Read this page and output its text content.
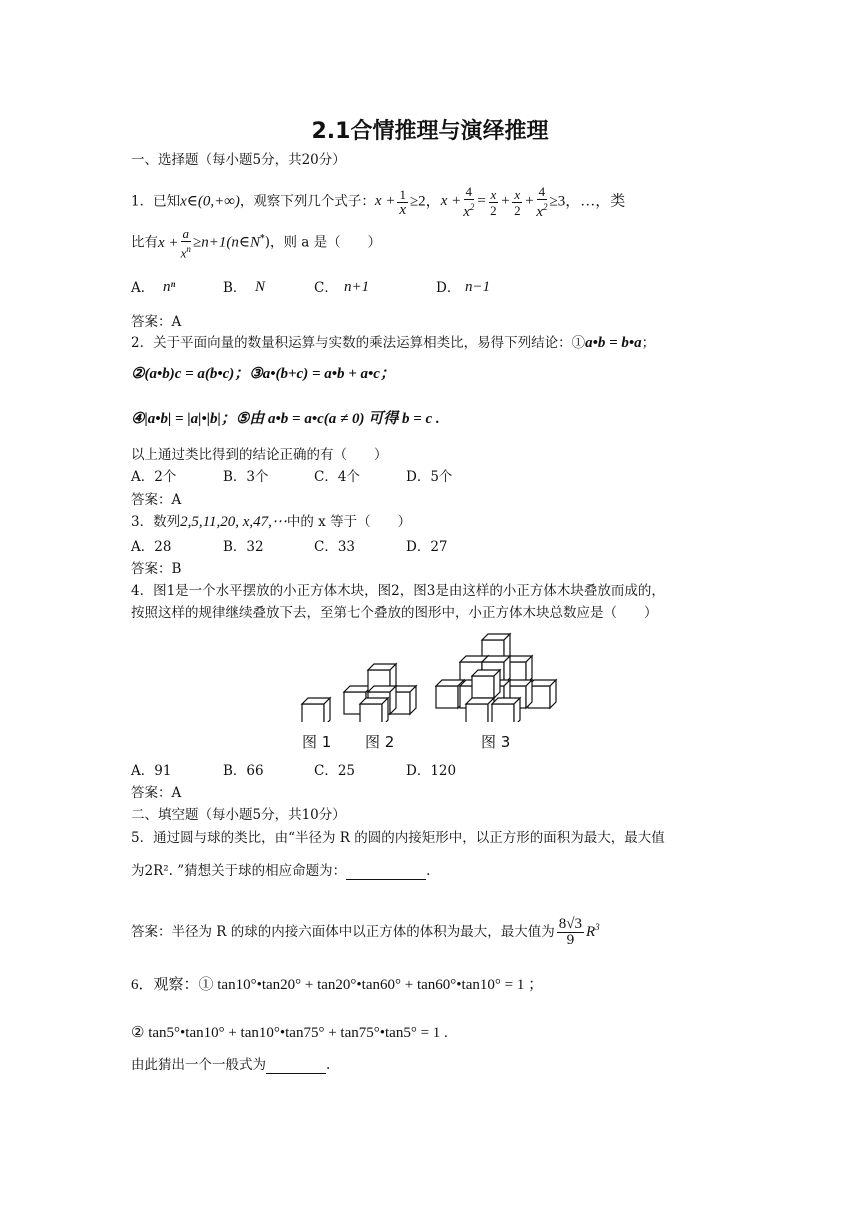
2.1合情推理与演绎推理
一、选择题（每小题5分，共20分）
1．已知x∈(0,+∞)，观察下列几个式子：$x + \frac{1}{x} \ge 2$，$x + \frac{4}{x^2} = \frac{x}{2} + \frac{x}{2} + \frac{4}{x^2} \ge 3$，…，类
比有$x + \frac{a}{x^n}$ ≥n+1(n∈N*)，则 a 是（　　）
A． nⁿ	B． N	C． n+1	D． n−1
答案：A
2．关于平面向量的数量积运算与实数的乘法运算相类比，易得下列结论：①a•b = b•a；
②(a•b)c = a(b•c)；③a•(b+c) = a•b + a•c；
④|a•b| = |a|•|b|；⑤由 a•b = a•c(a ≠ 0) 可得 b = c .
以上通过类比得到的结论正确的有（　　）
A．2个	B．3个	C．4个	D．5个
答案：A
3．数列2,5,11,20, x,47,⋯中的 x 等于（　　）
A．28	B．32	C．33	D．27
答案：B
4．图1是一个水平摆放的小正方体木块，图2，图3是由这样的小正方体木块叠放而成的，
按照这样的规律继续叠放下去，至第七个叠放的图形中，小正方体木块总数应是（　　）
图 1 图 2	图 3
A．91	B．66	C．25	D．120
答案：A
二、填空题（每小题5分，共10分）
5．通过圆与球的类比，由“半径为 R 的圆的内接矩形中，以正方形的面积为最大，最大值
为2R². ”猜想关于球的相应命题为：	.
答案：半径为 R 的球的内接六面体中以正方体的体积为最大，最大值为 $\frac{8√3}{9} R^3$
6．观察：① tan10°•tan20° + tan20°•tan60° + tan60°•tan10° = 1 ；
② tan5°•tan10° + tan10°•tan75° + tan75°•tan5° = 1 .
由此猜出一个一般式为	.
